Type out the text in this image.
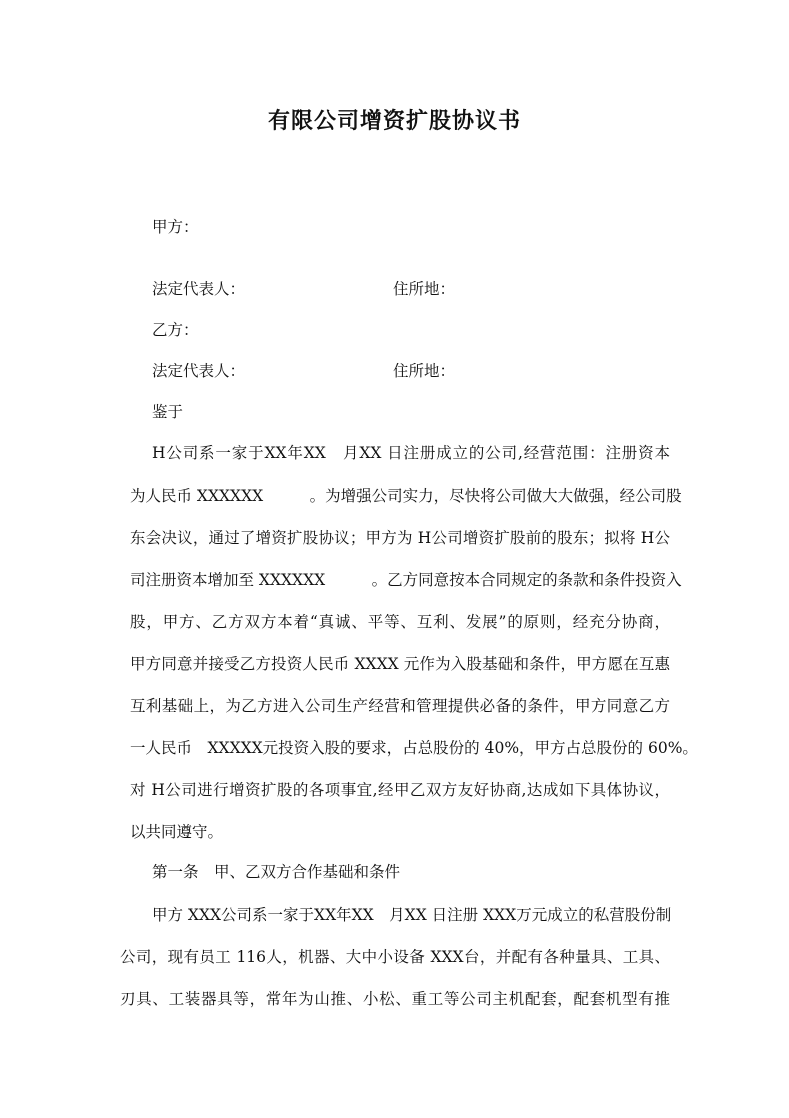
有限公司增资扩股协议书
甲方：
法定代表人：	住所地：
乙方：
法定代表人：	住所地：
鉴于
H公司系一家于XX年XX　月XX 日注册成立的公司,经营范围：注册资本
为人民币 XXXXXX　　　。为增强公司实力，尽快将公司做大大做强，经公司股
东会决议，通过了增资扩股协议；甲方为 H公司增资扩股前的股东；拟将 H公
司注册资本增加至 XXXXXX　　　。乙方同意按本合同规定的条款和条件投资入
股，甲方、乙方双方本着“真诚、平等、互利、发展”的原则，经充分协商，
甲方同意并接受乙方投资人民币 XXXX 元作为入股基础和条件，甲方愿在互惠
互利基础上，为乙方进入公司生产经营和管理提供必备的条件，甲方同意乙方
一人民币　XXXXX元投资入股的要求，占总股份的 40%，甲方占总股份的 60%。
对 H公司进行增资扩股的各项事宜,经甲乙双方友好协商,达成如下具体协议，
以共同遵守。
第一条　甲、乙双方合作基础和条件
甲方 XXX公司系一家于XX年XX　月XX 日注册 XXX万元成立的私营股份制
公司，现有员工 116人，机器、大中小设备 XXX台，并配有各种量具、工具、
刃具、工装器具等，常年为山推、小松、重工等公司主机配套，配套机型有推
